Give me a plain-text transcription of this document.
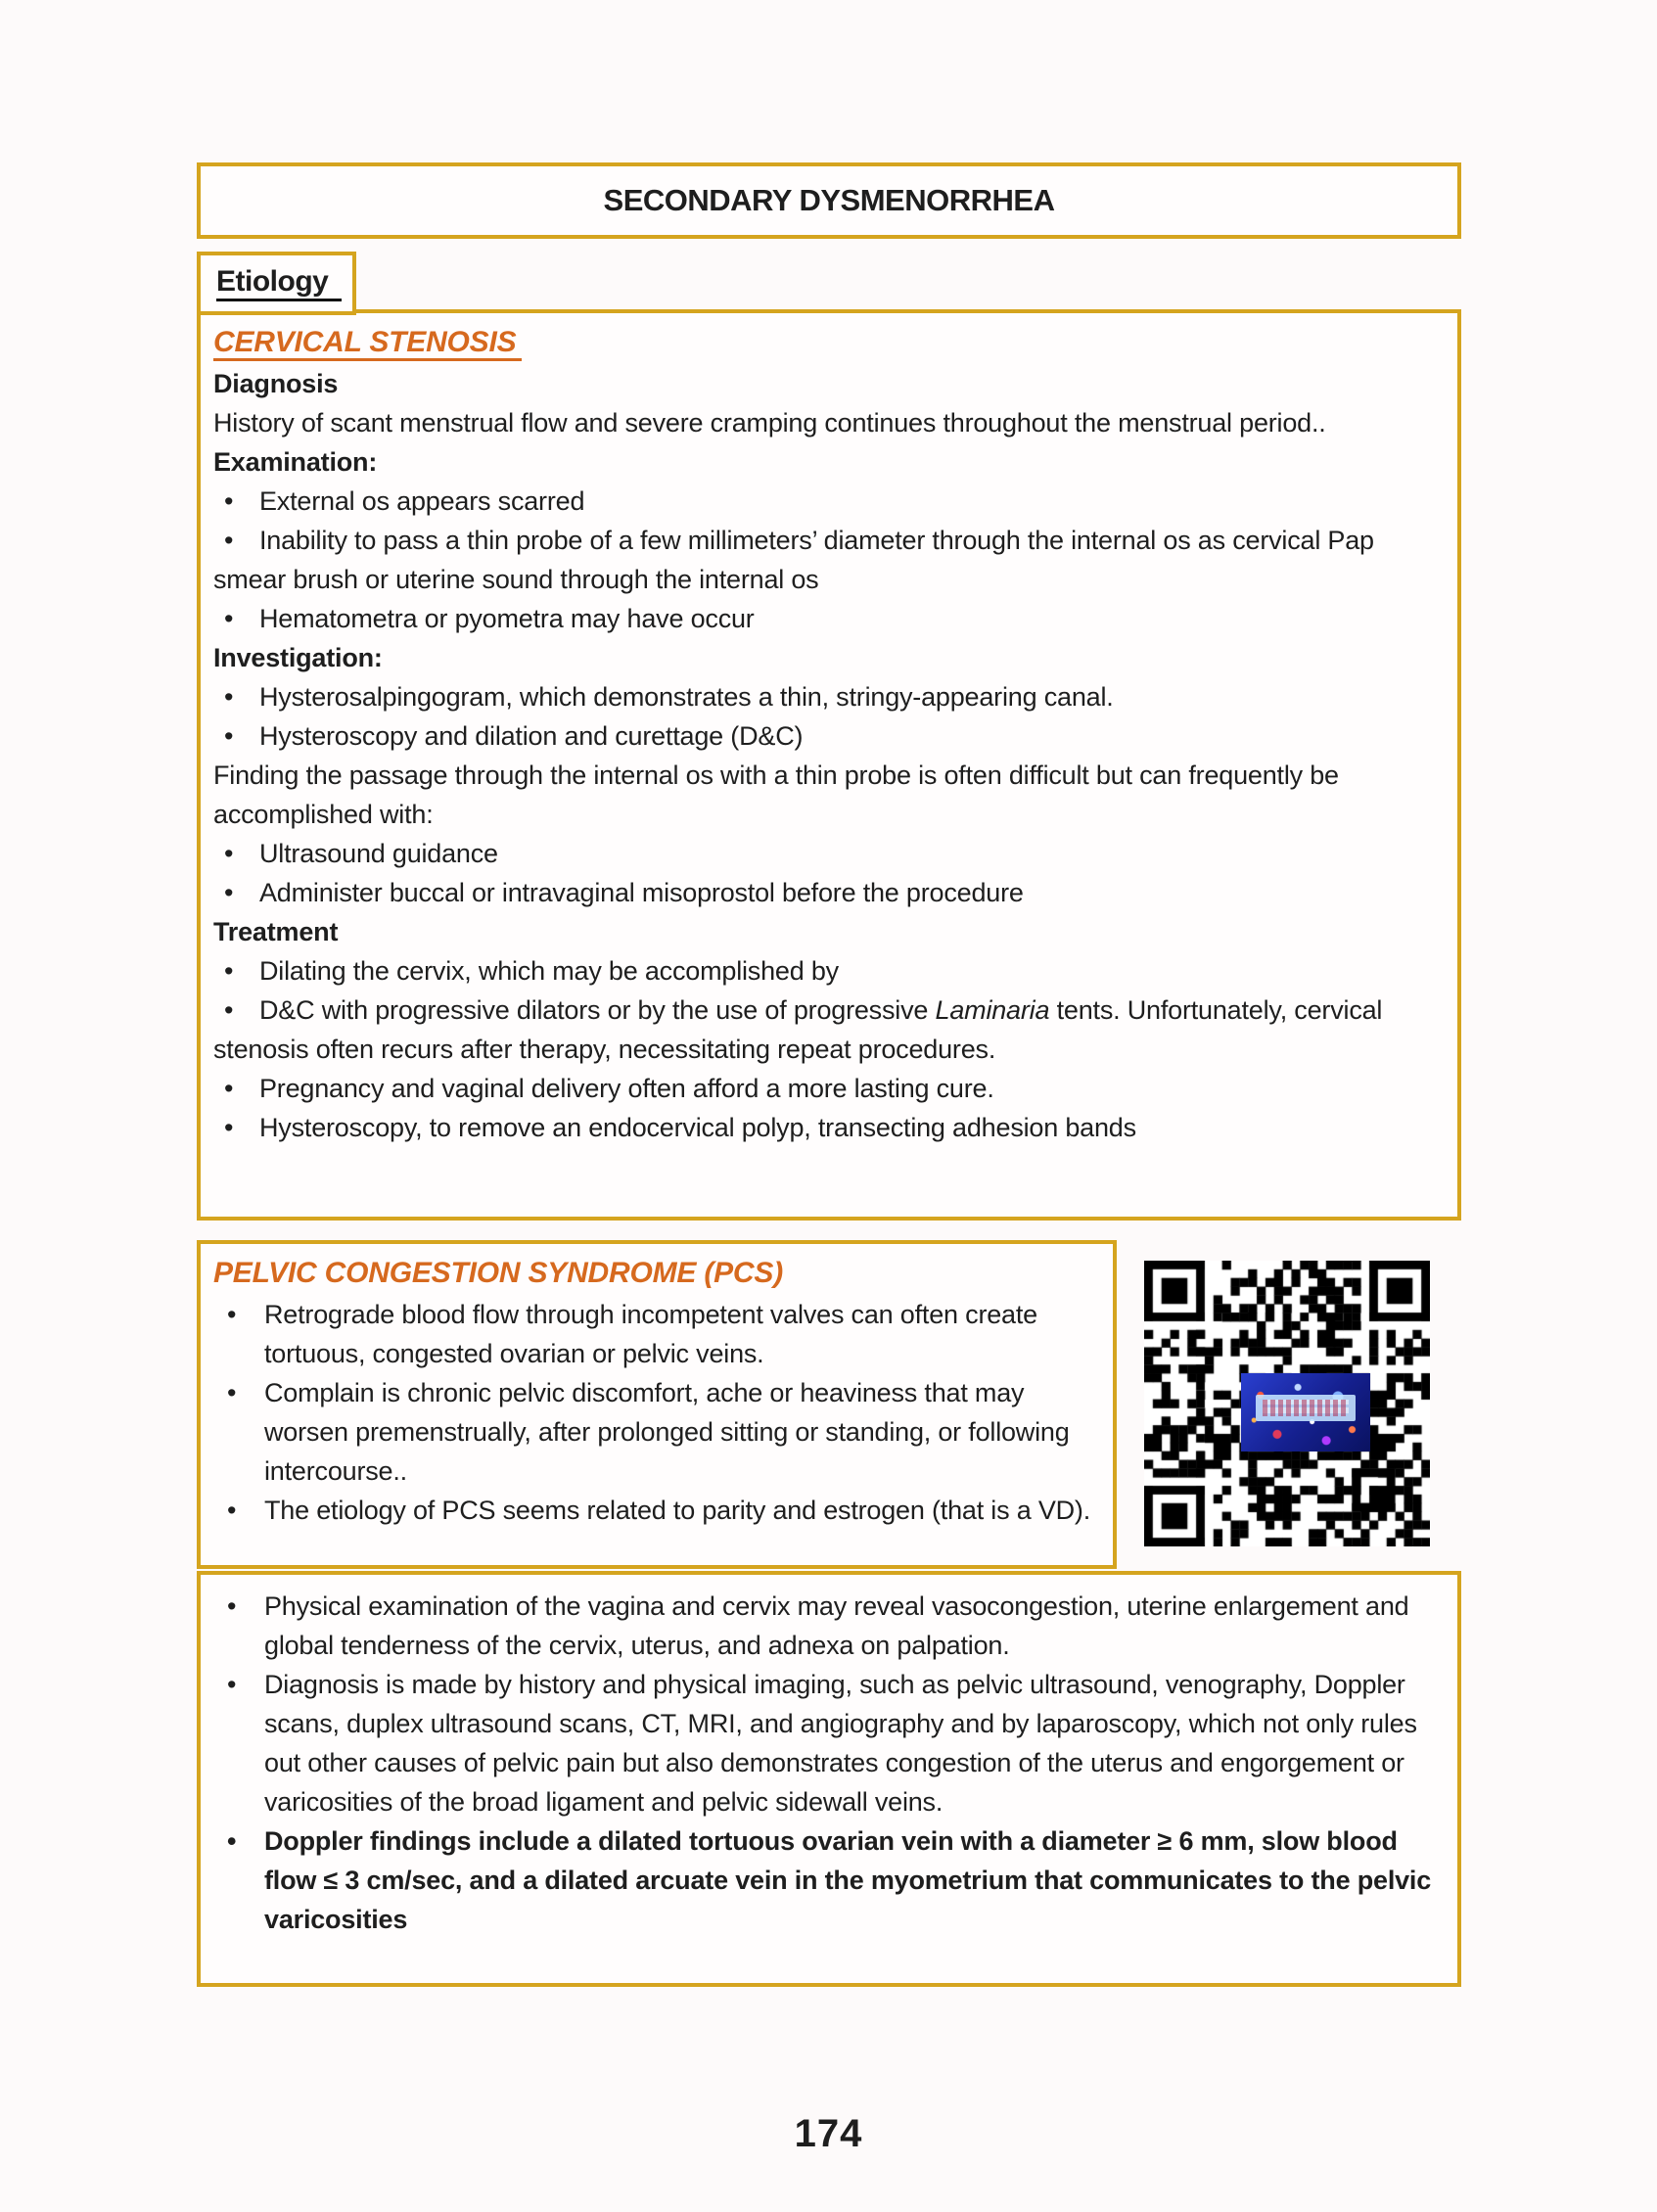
SECONDARY DYSMENORRHEA
Etiology

CERVICAL STENOSIS

Diagnosis

History of scant menstrual flow and severe cramping continues throughout the menstrual period..

Examination:

• External os appears scarred

• Inability to pass a thin probe of a few millimeters’ diameter through the internal os as cervical Pap smear brush or uterine sound through the internal os

• Hematometra or pyometra may have occur

Investigation:

• Hysterosalpingogram, which demonstrates a thin, stringy-appearing canal.

• Hysteroscopy and dilation and curettage (D&C)

Finding the passage through the internal os with a thin probe is often difficult but can frequently be accomplished with:

• Ultrasound guidance

• Administer buccal or intravaginal misoprostol before the procedure

Treatment

• Dilating the cervix, which may be accomplished by

• D&C with progressive dilators or by the use of progressive Laminaria tents. Unfortunately, cervical stenosis often recurs after therapy, necessitating repeat procedures.

• Pregnancy and vaginal delivery often afford a more lasting cure.

• Hysteroscopy, to remove an endocervical polyp, transecting adhesion bands

PELVIC CONGESTION SYNDROME (PCS)

•	Retrograde blood flow through incompetent valves can often create tortuous, congested ovarian or pelvic veins.
•	Complain is chronic pelvic discomfort, ache or heaviness that may worsen premenstrually, after prolonged sitting or standing, or following intercourse..
•	The etiology of PCS seems related to parity and estrogen (that is a VD).
•	Physical examination of the vagina and cervix may reveal vasocongestion, uterine enlargement and global tenderness of the cervix, uterus, and adnexa on palpation.
•	Diagnosis is made by history and physical imaging, such as pelvic ultrasound, venography, Doppler scans, duplex ultrasound scans, CT, MRI, and angiography and by laparoscopy, which not only rules out other causes of pelvic pain but also demonstrates congestion of the uterus and engorgement or varicosities of the broad ligament and pelvic sidewall veins.
•	Doppler findings include a dilated tortuous ovarian vein with a diameter ≥ 6 mm, slow blood flow ≤ 3 cm/sec, and a dilated arcuate vein in the myometrium that communicates to the pelvic varicosities
174
